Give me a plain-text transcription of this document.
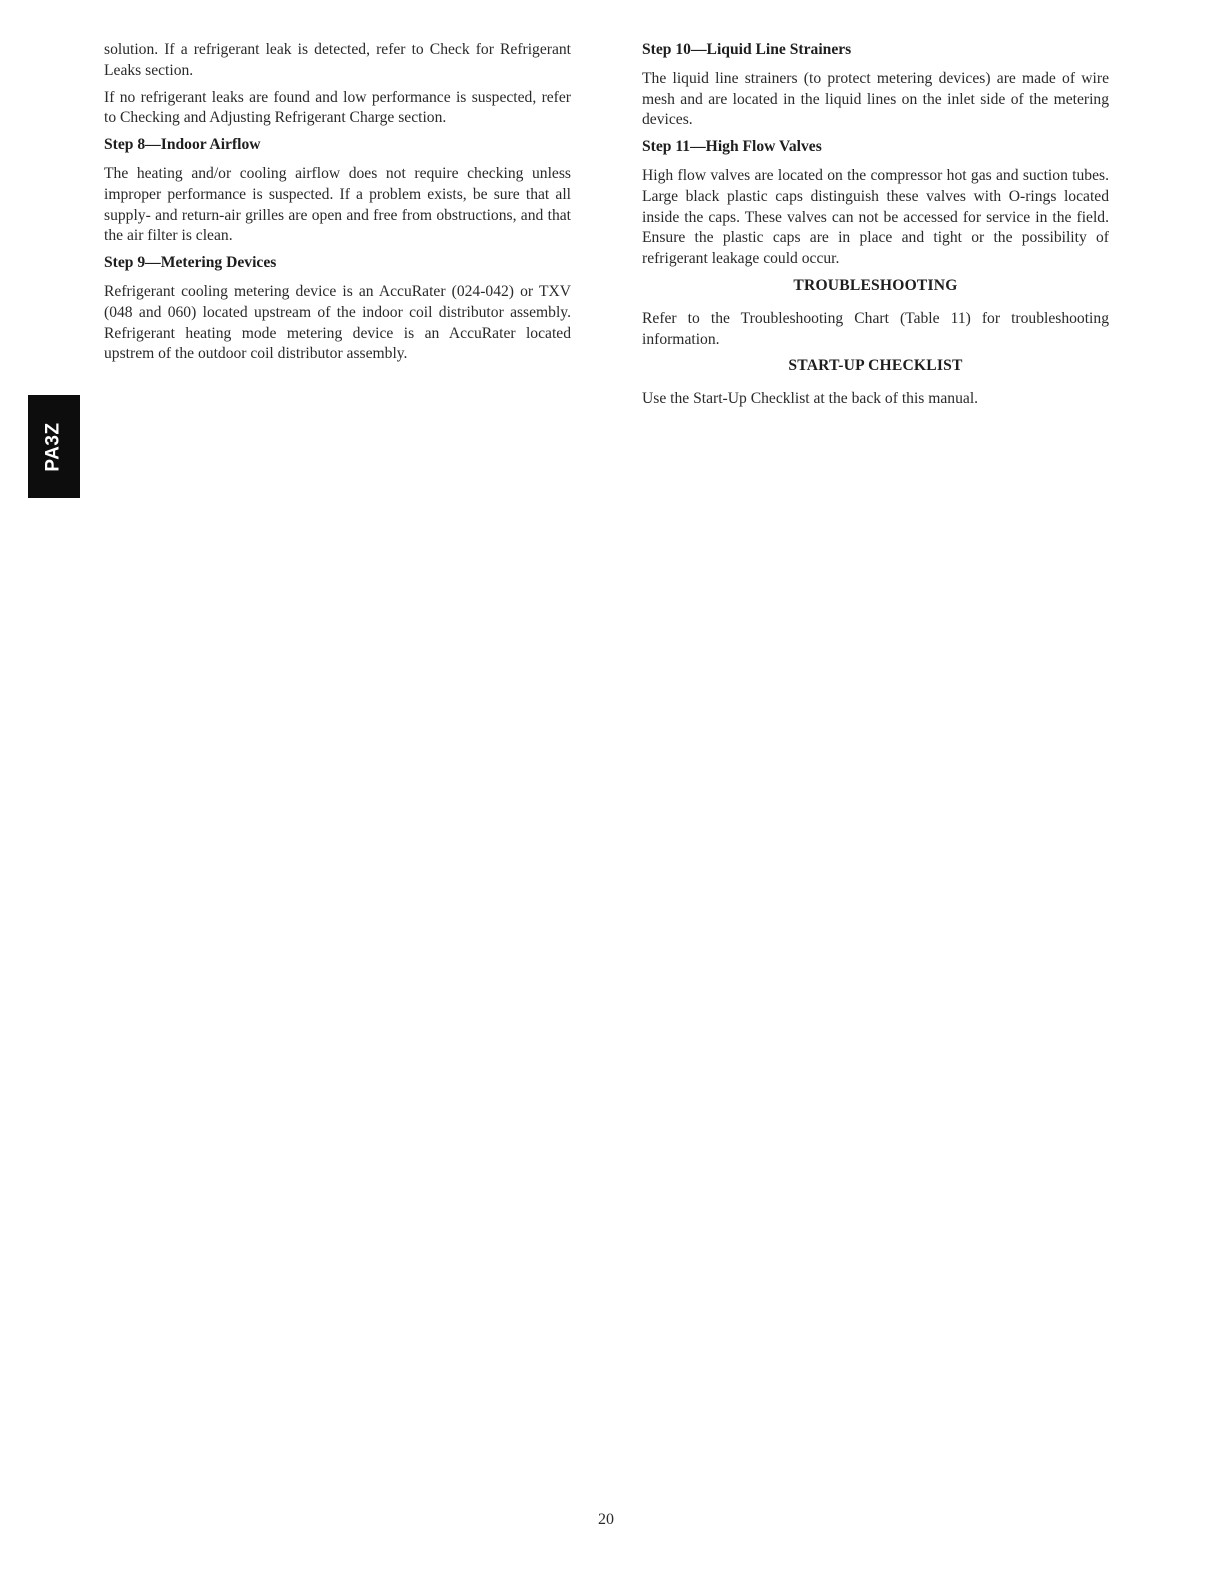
PA3Z

solution. If a refrigerant leak is detected, refer to Check for Refrigerant Leaks section.

If no refrigerant leaks are found and low performance is suspected, refer to Checking and Adjusting Refrigerant Charge section.

Step 8—Indoor Airflow

The heating and/or cooling airflow does not require checking unless improper performance is suspected. If a problem exists, be sure that all supply- and return-air grilles are open and free from obstructions, and that the air filter is clean.

Step 9—Metering Devices

Refrigerant cooling metering device is an AccuRater (024-042) or TXV (048 and 060) located upstream of the indoor coil distributor assembly. Refrigerant heating mode metering device is an AccuRater located upstrem of the outdoor coil distributor assembly.

Step 10—Liquid Line Strainers

The liquid line strainers (to protect metering devices) are made of wire mesh and are located in the liquid lines on the inlet side of the metering devices.

Step 11—High Flow Valves

High flow valves are located on the compressor hot gas and suction tubes. Large black plastic caps distinguish these valves with O-rings located inside the caps. These valves can not be accessed for service in the field. Ensure the plastic caps are in place and tight or the possibility of refrigerant leakage could occur.

TROUBLESHOOTING

Refer to the Troubleshooting Chart (Table 11) for troubleshooting information.

START-UP CHECKLIST

Use the Start-Up Checklist at the back of this manual.

20
